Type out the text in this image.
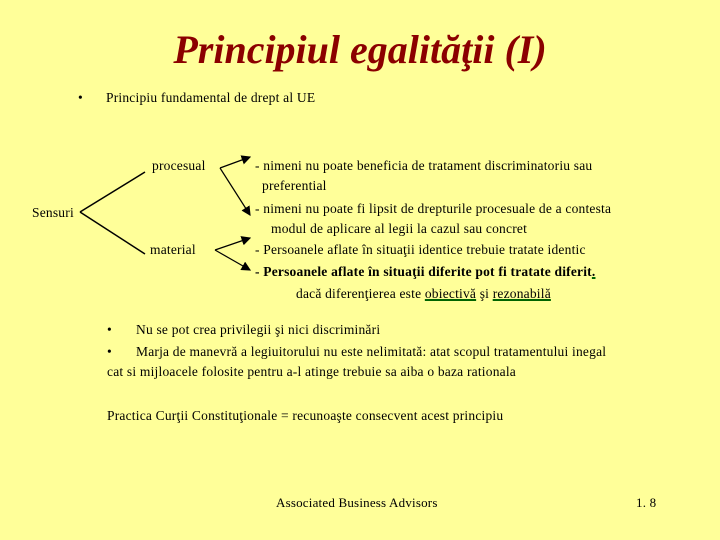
Principiul egalităţii (I)
• Principiu fundamental de drept al UE
Sensuri
procesual
material
- nimeni nu poate beneficia de tratament discriminatoriu sau
preferential
- nimeni nu poate fi lipsit de drepturile procesuale de a contesta
modul de aplicare al legii la cazul sau concret
- Persoanele aflate în situaţii identice trebuie tratate identic
- Persoanele aflate în situaţii diferite pot fi tratate diferit.
dacă diferenţierea este obiectivă şi rezonabilă
• Nu se pot crea privilegii şi nici discriminări
• Marja de manevră a legiuitorului nu este nelimitată: atat scopul tratamentului inegal
cat si mijloacele folosite pentru a-l atinge trebuie sa aiba o baza rationala
Practica Curţii Constituţionale = recunoaşte consecvent acest principiu
Associated Business Advisors	1. 8
